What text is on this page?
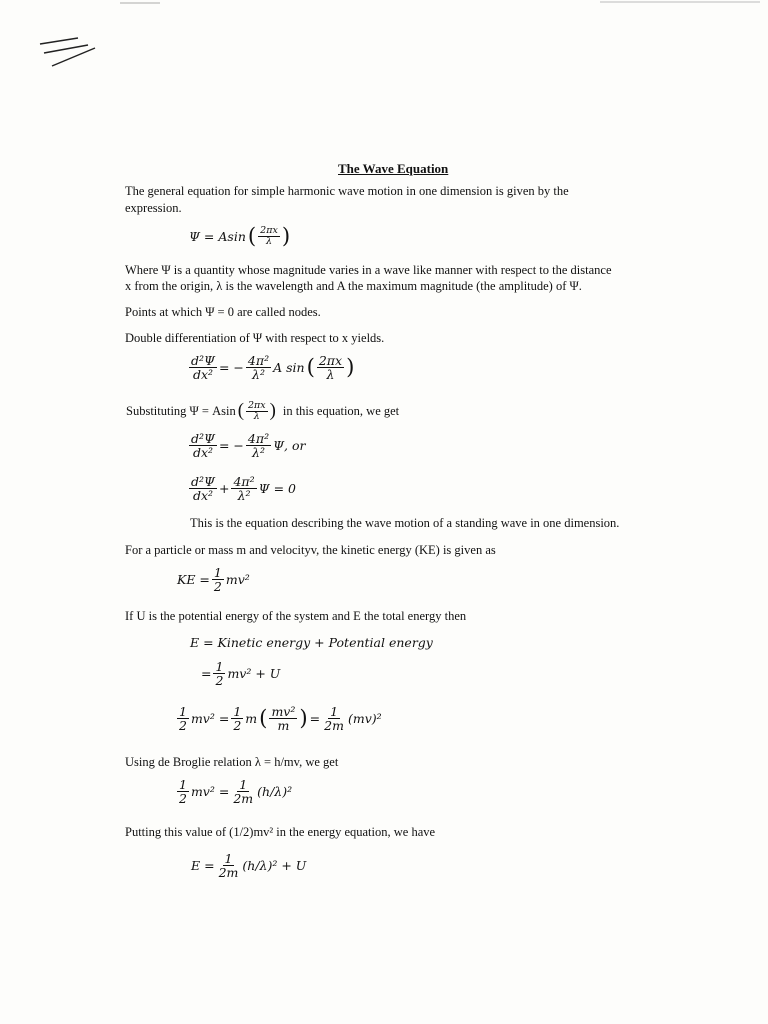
The Wave Equation
The general equation for simple harmonic wave motion in one dimension is given by the
expression.
Ψ = Asin ( $\frac{2\pi x}{\lambda}$ )
Where Ψ is a quantity whose magnitude varies in a wave like manner with respect to the distance
x from the origin, λ is the wavelength and A the maximum magnitude (the amplitude) of Ψ.
Points at which Ψ = 0 are called nodes.
Double differentiation of Ψ with respect to x yields.
$\frac{\text{d²Ψ}}{\text{dx²}}$ = − $\frac{\text{4π²}}{\text{λ²}}$ A sin ( $\frac{2\pi x}{\lambda}$ )
Substituting Ψ = Asin ( $\frac{2\pi x}{\lambda}$ ) in this equation, we get
$\frac{\text{d²Ψ}}{\text{dx²}}$ = − $\frac{\text{4π²}}{\text{λ²}} \Psi$, or
$\frac{\text{d²Ψ}}{\text{dx²}} + \frac{\text{4π²}}{\text{λ²}}$ Ψ = 0
This is the equation describing the wave motion of a standing wave in one dimension.
For a particle or mass m and velocityv, the kinetic energy (KE) is given as
KE = $\frac{1}{2} mv^2$
If U is the potential energy of the system and E the total energy then
E = Kinetic energy + Potential energy
= $\frac{1}{2} mv^2 + U$
$\frac{1}{2} mv^2 = \frac{1}{2}$ m ( $\frac{\text{mv²}}{m}$ ) = $\frac{1}{2m} (mv)^2$
Using de Broglie relation λ = h/mv, we get
$\frac{1}{2} mv^2 = \frac{1}{2m} (h/\lambda)^2$
Putting this value of (1/2)mv² in the energy equation, we have
$E = \frac{1}{2m} (h/\lambda)^2 + U$
